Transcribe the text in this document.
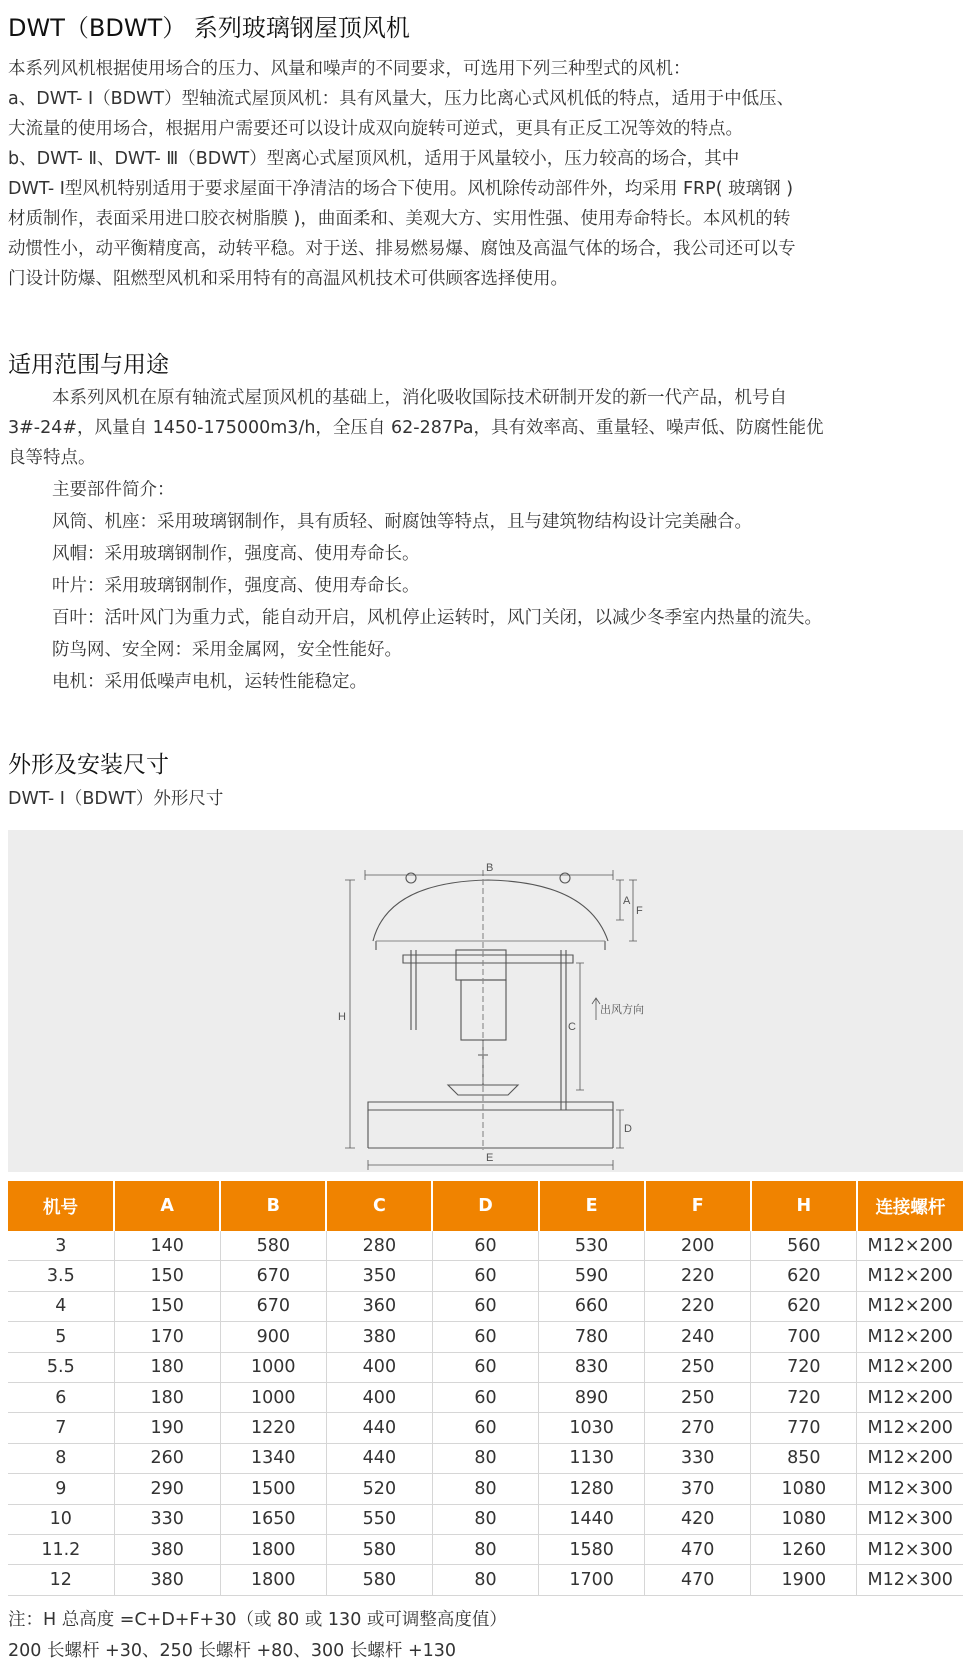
DWT（BDWT） 系列玻璃钢屋顶风机

本系列风机根据使用场合的压力、风量和噪声的不同要求，可选用下列三种型式的风机：

a、DWT- Ⅰ（BDWT）型轴流式屋顶风机：具有风量大，压力比离心式风机低的特点，适用于中低压、

大流量的使用场合，根据用户需要还可以设计成双向旋转可逆式，更具有正反工况等效的特点。

b、DWT- Ⅱ、DWT- Ⅲ（BDWT）型离心式屋顶风机，适用于风量较小，压力较高的场合，其中

DWT- Ⅰ型风机特别适用于要求屋面干净清洁的场合下使用。风机除传动部件外，均采用 FRP( 玻璃钢 )

材质制作，表面采用进口胶衣树脂膜 )，曲面柔和、美观大方、实用性强、使用寿命特长。本风机的转

动惯性小，动平衡精度高，动转平稳。对于送、排易燃易爆、腐蚀及高温气体的场合，我公司还可以专

门设计防爆、阻燃型风机和采用特有的高温风机技术可供顾客选择使用。

适用范围与用途

本系列风机在原有轴流式屋顶风机的基础上，消化吸收国际技术研制开发的新一代产品，机号自

3#-24#，风量自 1450-175000m3/h，全压自 62-287Pa，具有效率高、重量轻、噪声低、防腐性能优

良等特点。

主要部件简介：

风筒、机座：采用玻璃钢制作，具有质轻、耐腐蚀等特点，且与建筑物结构设计完美融合。

风帽：采用玻璃钢制作，强度高、使用寿命长。

叶片：采用玻璃钢制作，强度高、使用寿命长。

百叶：活叶风门为重力式，能自动开启，风机停止运转时，风门关闭，以减少冬季室内热量的流失。

防鸟网、安全网：采用金属网，安全性能好。

电机：采用低噪声电机，运转性能稳定。

外形及安装尺寸

DWT- Ⅰ（BDWT）外形尺寸

B
E
H
A
F
C
D
出风方向
机号	A	B	C	D	E	F	H	连接螺杆
3	140	580	280	60	530	200	560	M12×200
3.5	150	670	350	60	590	220	620	M12×200
4	150	670	360	60	660	220	620	M12×200
5	170	900	380	60	780	240	700	M12×200
5.5	180	1000	400	60	830	250	720	M12×200
6	180	1000	400	60	890	250	720	M12×200
7	190	1220	440	60	1030	270	770	M12×200
8	260	1340	440	80	1130	330	850	M12×200
9	290	1500	520	80	1280	370	1080	M12×300
10	330	1650	550	80	1440	420	1080	M12×300
11.2	380	1800	580	80	1580	470	1260	M12×300
12	380	1800	580	80	1700	470	1900	M12×300
注：H 总高度 =C+D+F+30（或 80 或 130 或可调整高度值）
200 长螺杆 +30、250 长螺杆 +80、300 长螺杆 +130
